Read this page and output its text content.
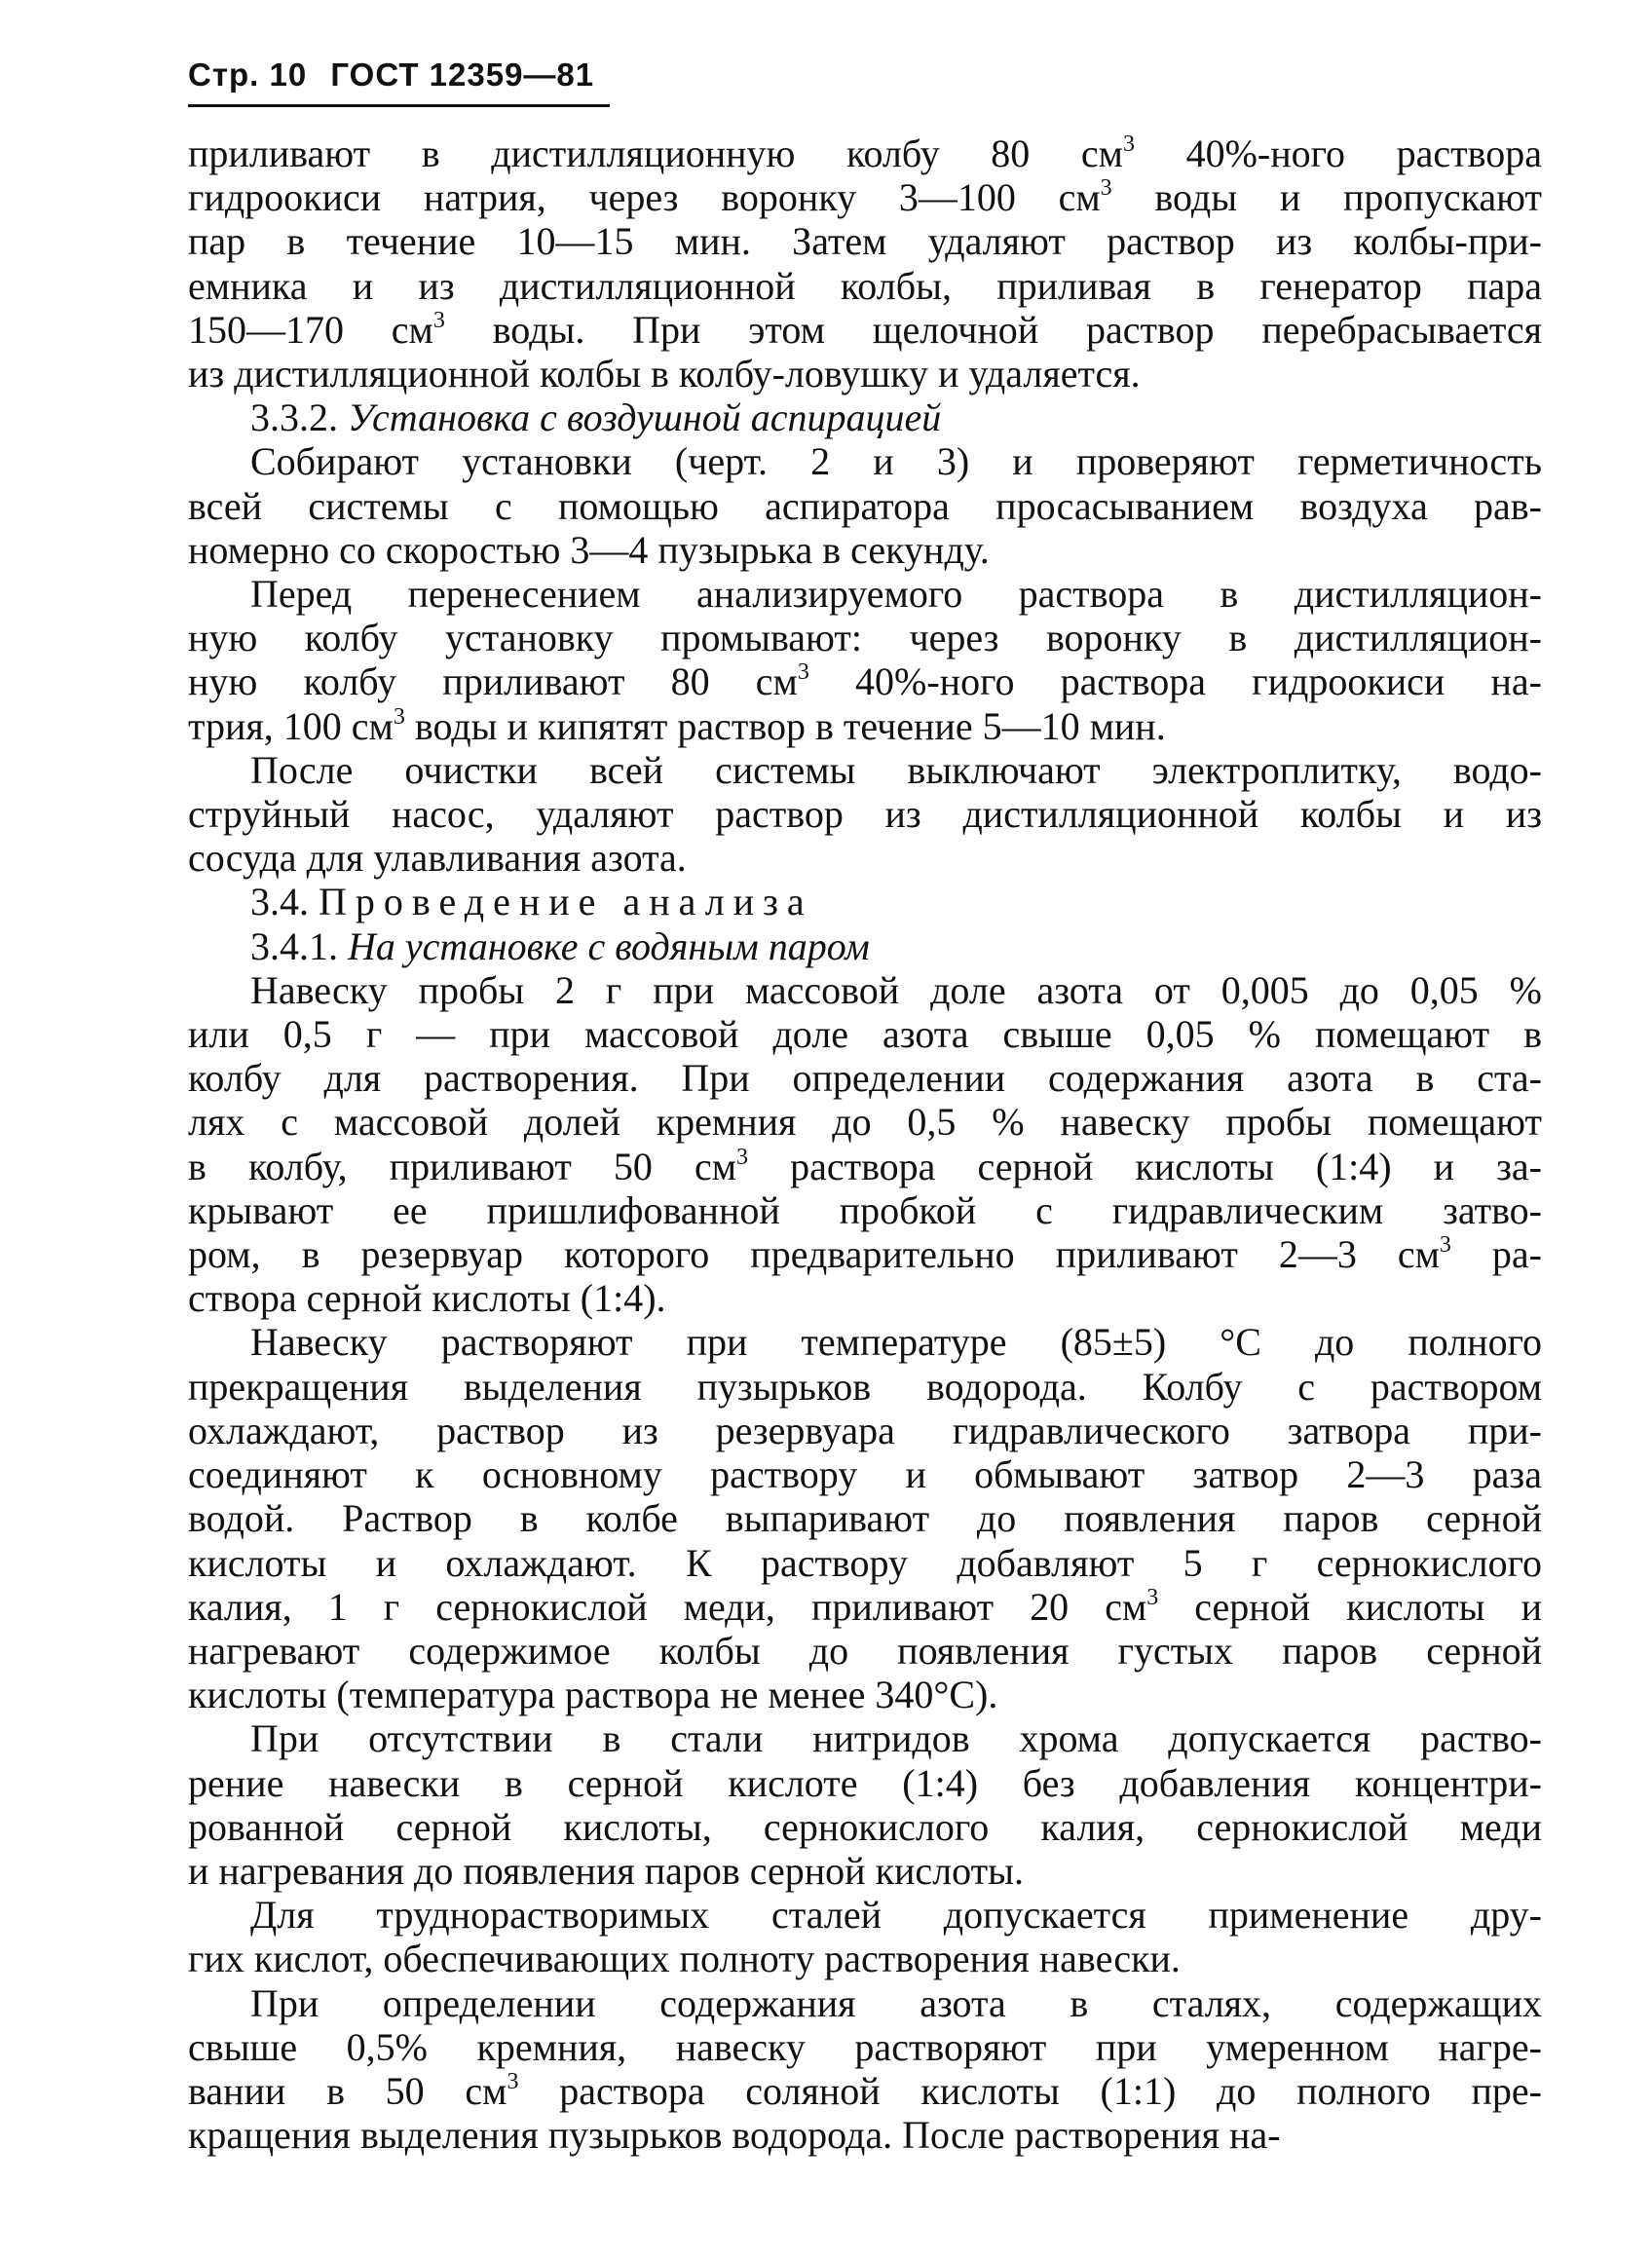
Стр. 10 ГОСТ 12359—81

приливают в дистилляционную колбу 80 $см^3$ 40%-ного раствора

гидроокиси натрия, через воронку 3—100 $см^3$ воды и пропускают

пар в течение 10—15 мин. Затем удаляют раствор из колбы-при-

емника и из дистилляционной колбы, приливая в генератор пара

150—170 $см^3$ воды. При этом щелочной раствор перебрасывается

из дистилляционной колбы в колбу-ловушку и удаляется.

3.3.2. Установка с воздушной аспирацией

Собирают установки (черт. 2 и 3) и проверяют герметичность

всей системы с помощью аспиратора просасыванием воздуха рав-

номерно со скоростью 3—4 пузырька в секунду.

Перед перенесением анализируемого раствора в дистилляцион-

ную колбу установку промывают: через воронку в дистилляцион-

ную колбу приливают 80 $см^3$ 40%-ного раствора гидроокиси на-

трия, 100 $см^3$ воды и кипятят раствор в течение 5—10 мин.

После очистки всей системы выключают электроплитку, водо-

струйный насос, удаляют раствор из дистилляционной колбы и из

сосуда для улавливания азота.

3.4. Проведение анализа

3.4.1. На установке с водяным паром

Навеску пробы 2 г при массовой доле азота от 0,005 до 0,05 %

или 0,5 г — при массовой доле азота свыше 0,05 % помещают в

колбу для растворения. При определении содержания азота в ста-

лях с массовой долей кремния до 0,5 % навеску пробы помещают

в колбу, приливают 50 $см^3$ раствора серной кислоты (1:4) и за-

крывают ее пришлифованной пробкой с гидравлическим затво-

ром, в резервуар которого предварительно приливают 2—3 $см^3$ ра-

створа серной кислоты (1:4).

Навеску растворяют при температуре (85±5) °С до полного

прекращения выделения пузырьков водорода. Колбу с раствором

охлаждают, раствор из резервуара гидравлического затвора при-

соединяют к основному раствору и обмывают затвор 2—3 раза

водой. Раствор в колбе выпаривают до появления паров серной

кислоты и охлаждают. К раствору добавляют 5 г сернокислого

калия, 1 г сернокислой меди, приливают 20 $см^3$ серной кислоты и

нагревают содержимое колбы до появления густых паров серной

кислоты (температура раствора не менее 340°С).

При отсутствии в стали нитридов хрома допускается раство-

рение навески в серной кислоте (1:4) без добавления концентри-

рованной серной кислоты, сернокислого калия, сернокислой меди

и нагревания до появления паров серной кислоты.

Для труднорастворимых сталей допускается применение дру-

гих кислот, обеспечивающих полноту растворения навески.

При определении содержания азота в сталях, содержащих

свыше 0,5% кремния, навеску растворяют при умеренном нагре-

вании в 50 $см^3$ раствора соляной кислоты (1:1) до полного пре-

кращения выделения пузырьков водорода. После растворения на-
